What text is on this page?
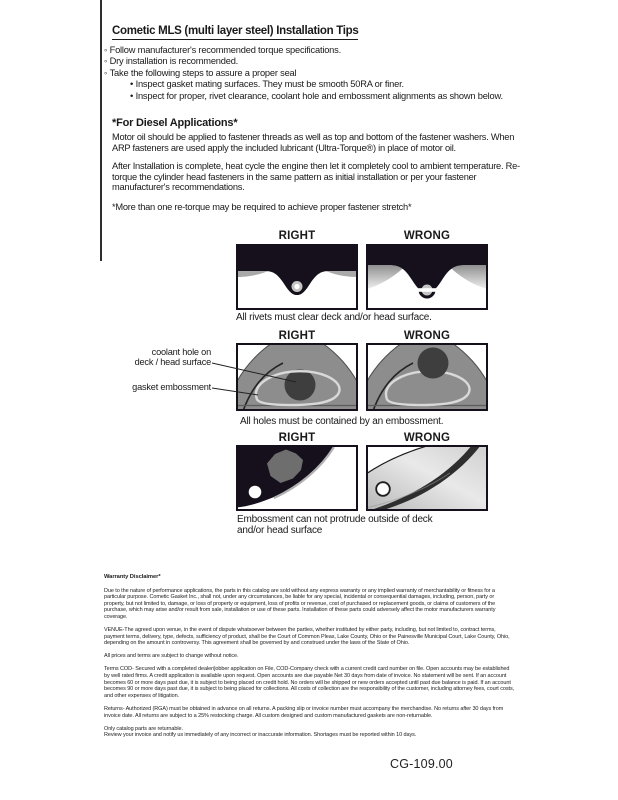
Cometic MLS (multi layer steel) Installation Tips
◦ Follow manufacturer's recommended torque specifications.
◦ Dry installation is recommended.
◦ Take the following steps to assure a proper seal
• Inspect gasket mating surfaces. They must be smooth 50RA or finer.
• Inspect for proper, rivet clearance, coolant hole and embossment alignments as shown below.
*For Diesel Applications*
Motor oil should be applied to fastener threads as well as top and bottom of the fastener washers. When ARP fasteners are used apply the included lubricant (Ultra-Torque®) in place of motor oil.
After Installation is complete, heat cycle the engine then let it completely cool to ambient temperature. Re-torque the cylinder head fasteners in the same pattern as initial installation or per your fastener manufacturer's recommendations.
*More than one re-torque may be required to achieve proper fastener stretch*
RIGHT	WRONG
All rivets must clear deck and/or head surface.
RIGHT	WRONG
coolant hole on
deck / head surface
gasket embossment
All holes must be contained by an embossment.
RIGHT	WRONG
Embossment can not protrude outside of deck
and/or head surface

Warranty Disclaimer*

Due to the nature of performance applications, the parts in this catalog are sold without any express warranty or any implied warranty of merchantability or fitness for a particular purpose. Cometic Gasket Inc., shall not, under any circumstances, be liable for any special, incidental or consequential damages, including, person, party or property, but not limited to, damage, or loss of property or equipment, loss of profits or revenue, cost of purchased or replacement goods, or claims of customers of the purchase, which may arise and/or result from sale, installation or use of these parts. Installation of these parts could adversely affect the motor manufacturers warranty coverage.

VENUE-The agreed upon venue, in the event of dispute whatsoever between the parties, whether instituted by either party, including, but not limited to, contract terms, payment terms, delivery, type, defects, sufficiency of product, shall be the Court of Common Pleas, Lake County, Ohio or the Painesville Municipal Court, Lake County, Ohio, depending on the amount in controversy. This agreement shall be governed by and construed under the laws of the State of Ohio.

All prices and terms are subject to change without notice.

Terms COD- Secured with a completed dealer/jobber application on File, COD-Company check with a current credit card number on file. Open accounts may be established by well rated firms. A credit application is available upon request. Open accounts are due payable Net 30 days from date of invoice. No statement will be sent. If an account becomes 60 or more days past due, it is subject to being placed on credit hold. No orders will be shipped or new orders accepted until past due balance is paid. If an account becomes 90 or more days past due, it is subject to being placed for collections. All costs of collection are the responsibility of the customer, including attorney fees, court costs, and other expenses of litigation.

Returns- Authorized (RGA) must be obtained in advance on all returns. A packing slip or invoice number must accompany the merchandise. No returns after 30 days from invoice date. All returns are subject to a 25% restocking charge. All custom designed and custom manufactured gaskets are non-returnable.

Only catalog parts are returnable.

Review your invoice and notify us immediately of any incorrect or inaccurate information. Shortages must be reported within 10 days.

CG-109.00
